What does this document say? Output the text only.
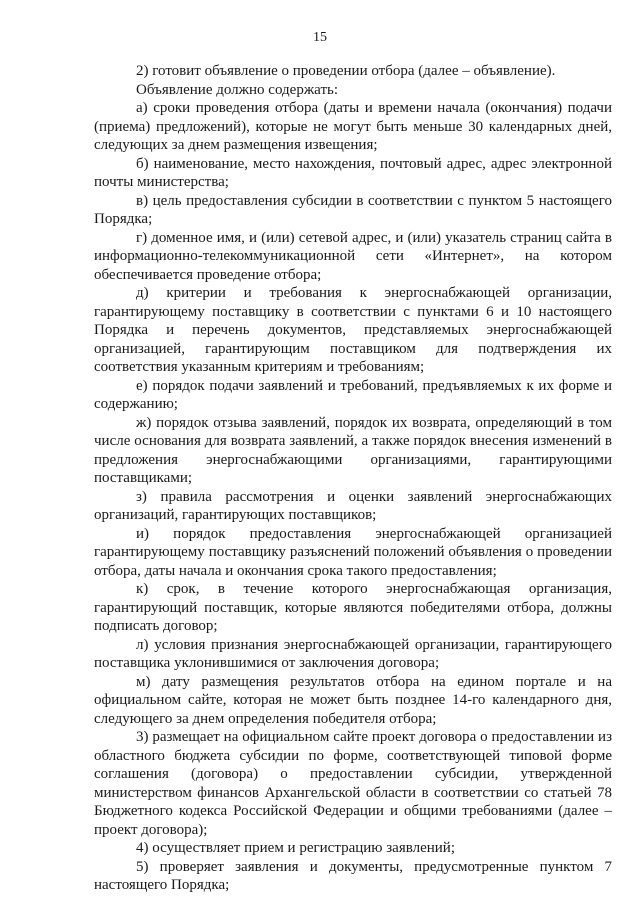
15

2) готовит объявление о проведении отбора (далее – объявление).

Объявление должно содержать:

а) сроки проведения отбора (даты и времени начала (окончания) подачи (приема) предложений), которые не могут быть меньше 30 календарных дней, следующих за днем размещения извещения;

б) наименование, место нахождения, почтовый адрес, адрес электронной почты министерства;

в) цель предоставления субсидии в соответствии с пунктом 5 настоящего Порядка;

г) доменное имя, и (или) сетевой адрес, и (или) указатель страниц сайта в информационно-телекоммуникационной сети «Интернет», на котором обеспечивается проведение отбора;

д) критерии и требования к энергоснабжающей организации, гарантирующему поставщику в соответствии с пунктами 6 и 10 настоящего Порядка и перечень документов, представляемых энергоснабжающей организацией, гарантирующим поставщиком для подтверждения их соответствия указанным критериям и требованиям;

е) порядок подачи заявлений и требований, предъявляемых к их форме и содержанию;

ж) порядок отзыва заявлений, порядок их возврата, определяющий в том числе основания для возврата заявлений, а также порядок внесения изменений в предложения энергоснабжающими организациями, гарантирующими поставщиками;

з) правила рассмотрения и оценки заявлений энергоснабжающих организаций, гарантирующих поставщиков;

и) порядок предоставления энергоснабжающей организацией гарантирующему поставщику разъяснений положений объявления о проведении отбора, даты начала и окончания срока такого предоставления;

к) срок, в течение которого энергоснабжающая организация, гарантирующий поставщик, которые являются победителями отбора, должны подписать договор;

л) условия признания энергоснабжающей организации, гарантирующего поставщика уклонившимися от заключения договора;

м) дату размещения результатов отбора на едином портале и на официальном сайте, которая не может быть позднее 14-го календарного дня, следующего за днем определения победителя отбора;

3) размещает на официальном сайте проект договора о предоставлении из областного бюджета субсидии по форме, соответствующей типовой форме соглашения (договора) о предоставлении субсидии, утвержденной министерством финансов Архангельской области в соответствии со статьей 78 Бюджетного кодекса Российской Федерации и общими требованиями (далее – проект договора);

4) осуществляет прием и регистрацию заявлений;

5) проверяет заявления и документы, предусмотренные пунктом 7 настоящего Порядка;
